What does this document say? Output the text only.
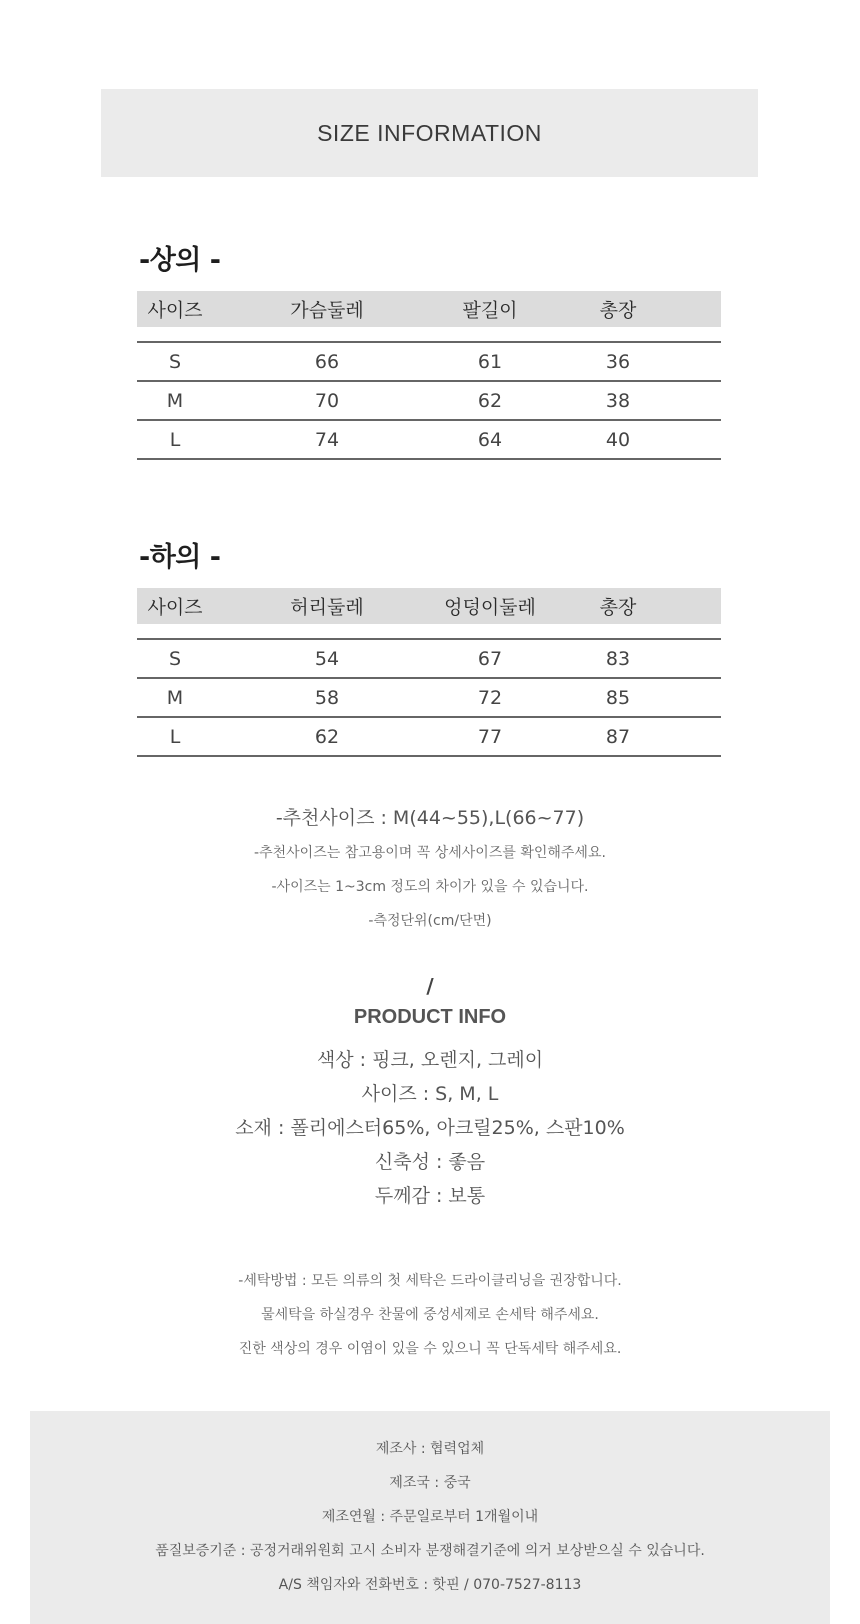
SIZE INFORMATION
-상의 -
사이즈	가슴둘레	팔길이	총장
S	66	61	36
M	70	62	38
L	74	64	40
-하의 -
사이즈	허리둘레	엉덩이둘레	총장
S	54	67	83
M	58	72	85
L	62	77	87
-추천사이즈 : M(44~55),L(66~77)
-추천사이즈는 참고용이며 꼭 상세사이즈를 확인해주세요.
-사이즈는 1~3cm 정도의 차이가 있을 수 있습니다.
-측정단위(cm/단면)
/
PRODUCT INFO
색상 : 핑크, 오렌지, 그레이
사이즈 : S, M, L
소재 : 폴리에스터65%, 아크릴25%, 스판10%
신축성 : 좋음
두께감 : 보통
-세탁방법 : 모든 의류의 첫 세탁은 드라이클리닝을 권장합니다.
물세탁을 하실경우 찬물에 중성세제로 손세탁 해주세요.
진한 색상의 경우 이염이 있을 수 있으니 꼭 단독세탁 해주세요.
제조사 : 협력업체
제조국 : 중국
제조연월 : 주문일로부터 1개월이내
품질보증기준 : 공정거래위원회 고시 소비자 분쟁해결기준에 의거 보상받으실 수 있습니다.
A/S 책임자와 전화번호 : 핫핀 / 070-7527-8113
